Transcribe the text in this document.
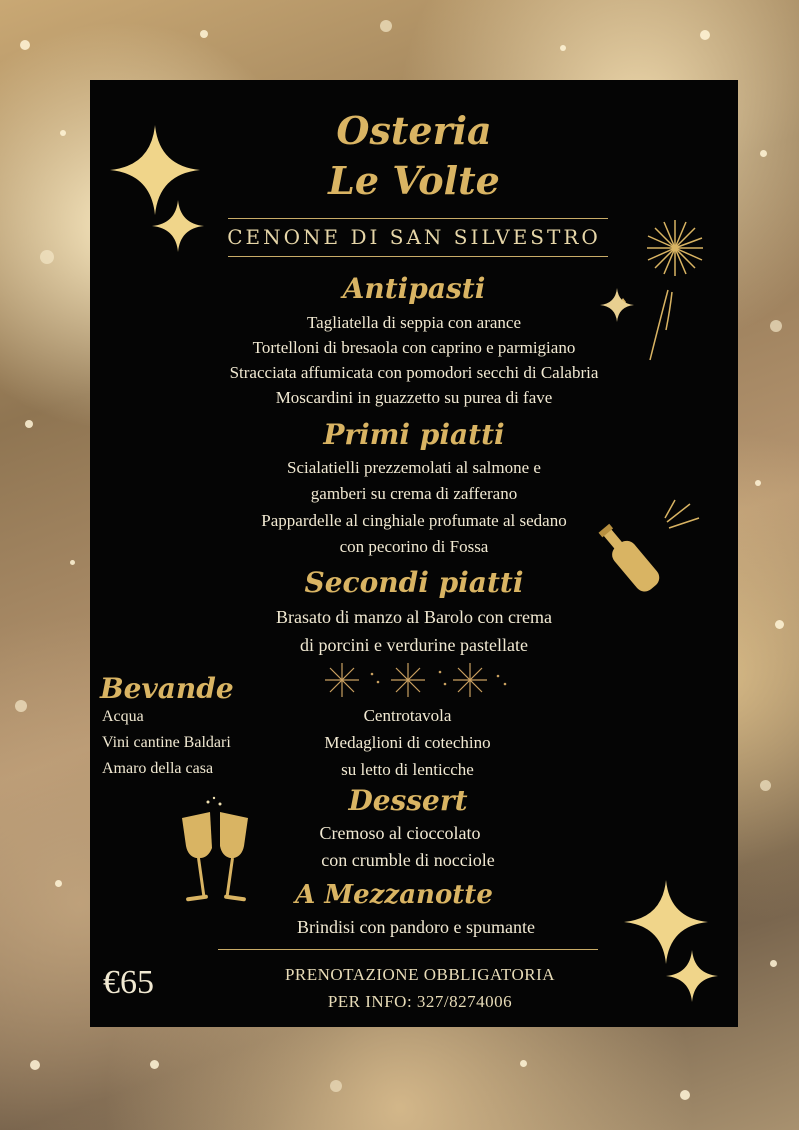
Osteria
Le Volte
CENONE DI SAN SILVESTRO
Antipasti
Tagliatella di seppia con arance
Tortelloni di bresaola con caprino e parmigiano
Stracciata affumicata con pomodori secchi di Calabria
Moscardini in guazzetto su purea di fave
Primi piatti
Scialatielli prezzemolati al salmone e
gamberi su crema di zafferano
Pappardelle al cinghiale profumate al sedano
con pecorino di Fossa
Secondi piatti
Brasato di manzo al Barolo con crema
di porcini e verdurine pastellate
Bevande
Acqua
Vini cantine Baldari
Amaro della casa
Centrotavola
Medaglioni di cotechino
su letto di lenticche
Dessert
Cremoso al cioccolato
con crumble di nocciole
A Mezzanotte
Brindisi con pandoro e spumante
€65	PRENOTAZIONE OBBLIGATORIA
PER INFO: 327/8274006
